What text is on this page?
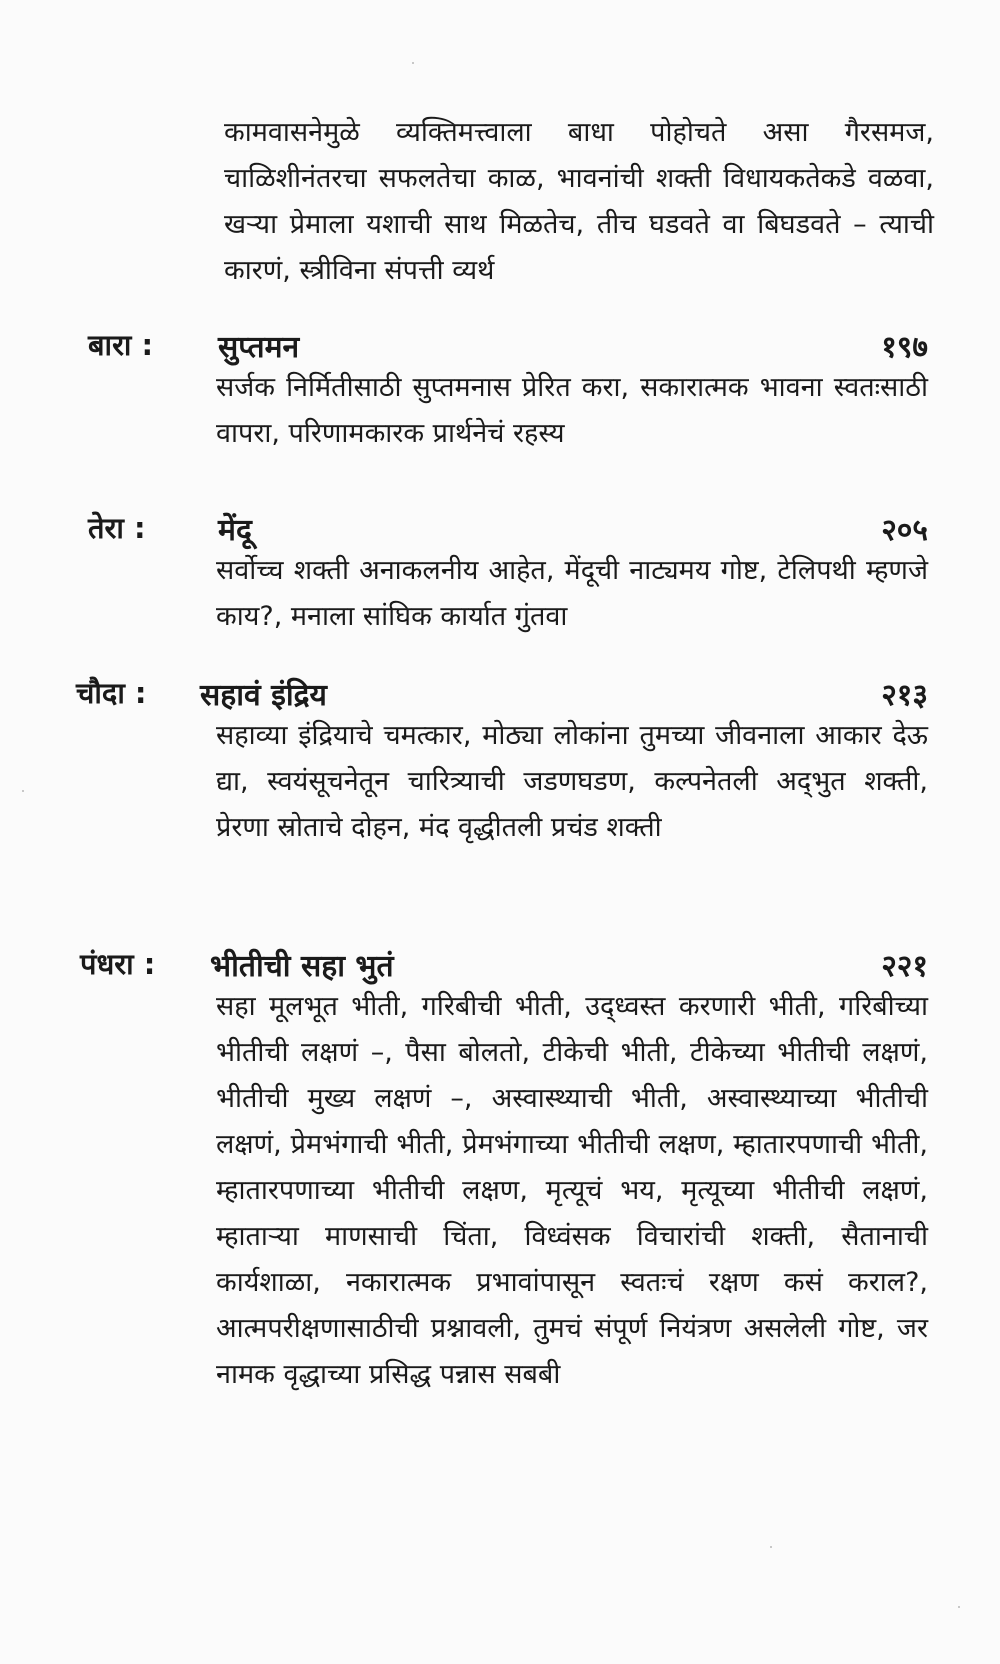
कामवासनेमुळे व्यक्तिमत्त्वाला बाधा पोहोचते असा गैरसमज, चाळिशीनंतरचा सफलतेचा काळ, भावनांची शक्ती विधायकतेकडे वळवा, खऱ्या प्रेमाला यशाची साथ मिळतेच, तीच घडवते वा बिघडवते – त्याची कारणं, स्त्रीविना संपत्ती व्यर्थ
बारा : सुप्तमन	१९७
सर्जक निर्मितीसाठी सुप्तमनास प्रेरित करा, सकारात्मक भावना स्वतःसाठी वापरा, परिणामकारक प्रार्थनेचं रहस्य
तेरा : मेंदू	२०५
सर्वोच्च शक्ती अनाकलनीय आहेत, मेंदूची नाट्यमय गोष्ट, टेलिपथी म्हणजे काय?, मनाला सांघिक कार्यात गुंतवा
चौदा : सहावं इंद्रिय	२१३
सहाव्या इंद्रियाचे चमत्कार, मोठ्या लोकांना तुमच्या जीवनाला आकार देऊ द्या, स्वयंसूचनेतून चारित्र्याची जडणघडण, कल्पनेतली अद्‌भुत शक्ती, प्रेरणा स्रोताचे दोहन, मंद वृद्धीतली प्रचंड शक्ती
पंधरा : भीतीची सहा भुतं	२२१
सहा मूलभूत भीती, गरिबीची भीती, उद्‌ध्वस्त करणारी भीती, गरिबीच्या भीतीची लक्षणं –, पैसा बोलतो, टीकेची भीती, टीकेच्या भीतीची लक्षणं, भीतीची मुख्य लक्षणं –, अस्वास्थ्याची भीती, अस्वास्थ्याच्या भीतीची लक्षणं, प्रेमभंगाची भीती, प्रेमभंगाच्या भीतीची लक्षण, म्हातारपणाची भीती, म्हातारपणाच्या भीतीची लक्षण, मृत्यूचं भय, मृत्यूच्या भीतीची लक्षणं, म्हाताऱ्या माणसाची चिंता, विध्वंसक विचारांची शक्ती, सैतानाची कार्यशाळा, नकारात्मक प्रभावांपासून स्वतःचं रक्षण कसं कराल?, आत्मपरीक्षणासाठीची प्रश्नावली, तुमचं संपूर्ण नियंत्रण असलेली गोष्ट, जर नामक वृद्धाच्या प्रसिद्ध पन्नास सबबी
